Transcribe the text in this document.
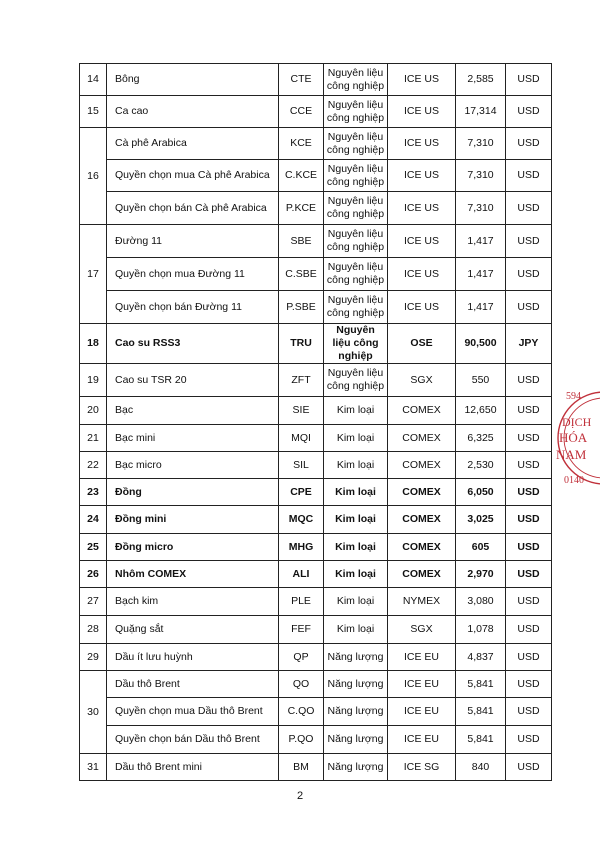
14	Bông	CTE	Nguyên liệu công nghiệp	ICE US	2,585	USD
15	Ca cao	CCE	Nguyên liệu công nghiệp	ICE US	17,314	USD
16	Cà phê Arabica	KCE	Nguyên liệu công nghiệp	ICE US	7,310	USD
	Quyền chọn mua Cà phê Arabica	C.KCE	Nguyên liệu công nghiệp	ICE US	7,310	USD
	Quyền chọn bán Cà phê Arabica	P.KCE	Nguyên liệu công nghiệp	ICE US	7,310	USD
17	Đường 11	SBE	Nguyên liệu công nghiệp	ICE US	1,417	USD
	Quyền chọn mua Đường 11	C.SBE	Nguyên liệu công nghiệp	ICE US	1,417	USD
	Quyền chọn bán Đường 11	P.SBE	Nguyên liệu công nghiệp	ICE US	1,417	USD
18	Cao su RSS3	TRU	Nguyên liệu công nghiệp	OSE	90,500	JPY
19	Cao su TSR 20	ZFT	Nguyên liệu công nghiệp	SGX	550	USD
20	Bạc	SIE	Kim loại	COMEX	12,650	USD
21	Bạc mini	MQI	Kim loại	COMEX	6,325	USD
22	Bạc micro	SIL	Kim loại	COMEX	2,530	USD
23	Đồng	CPE	Kim loại	COMEX	6,050	USD
24	Đồng mini	MQC	Kim loại	COMEX	3,025	USD
25	Đồng micro	MHG	Kim loại	COMEX	605	USD
26	Nhôm COMEX	ALI	Kim loại	COMEX	2,970	USD
27	Bạch kim	PLE	Kim loại	NYMEX	3,080	USD
28	Quặng sắt	FEF	Kim loại	SGX	1,078	USD
29	Dầu ít lưu huỳnh	QP	Năng lượng	ICE EU	4,837	USD
30	Dầu thô Brent	QO	Năng lượng	ICE EU	5,841	USD
	Quyền chọn mua Dầu thô Brent	C.QO	Năng lượng	ICE EU	5,841	USD
	Quyền chọn bán Dầu thô Brent	P.QO	Năng lượng	ICE EU	5,841	USD
31	Dầu thô Brent mini	BM	Năng lượng	ICE SG	840	USD
2
594
DỊCH
HÓA
NAM
0140
